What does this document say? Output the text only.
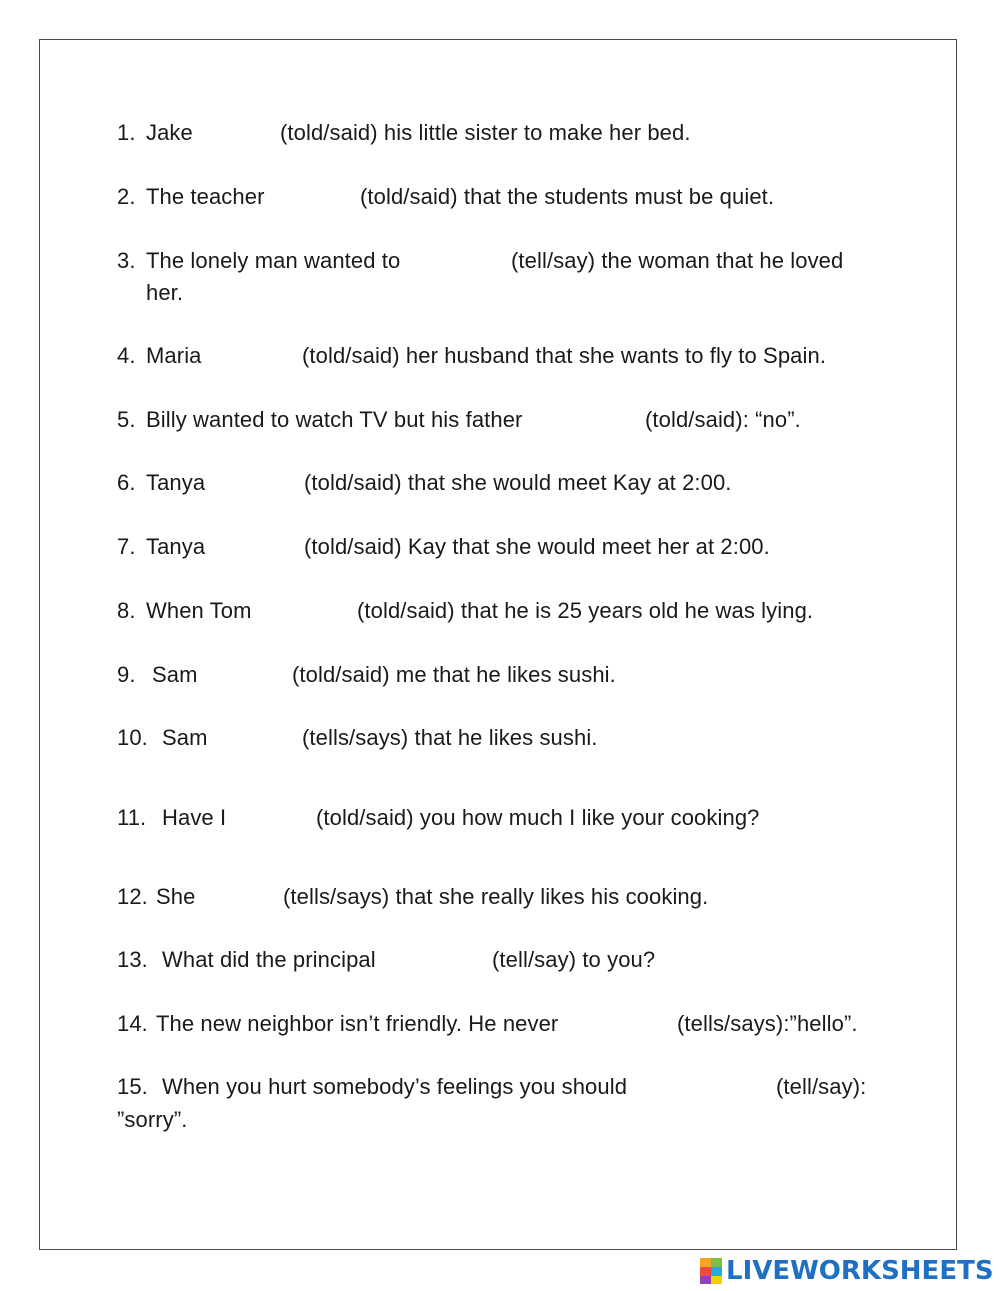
1. Jake	(told/said) his little sister to make her bed.
2. The teacher	(told/said) that the students must be quiet.
3. The lonely man wanted to	(tell/say) the woman that he loved
her.
4. Maria	(told/said) her husband that she wants to fly to Spain.
5. Billy wanted to watch TV but his father	(told/said): “no”.
6. Tanya	(told/said) that she would meet Kay at 2:00.
7. Tanya	(told/said) Kay that she would meet her at 2:00.
8. When Tom	(told/said) that he is 25 years old he was lying.
9. Sam	(told/said) me that he likes sushi.
10. Sam	(tells/says) that he likes sushi.
11. Have I	(told/said) you how much I like your cooking?
12. She	(tells/says) that she really likes his cooking.
13. What did the principal	(tell/say) to you?
14. The new neighbor isn’t friendly. He never	(tells/says):”hello”.
15. When you hurt somebody’s feelings you should	(tell/say):
”sorry”.
LIVEWORKSHEETS
